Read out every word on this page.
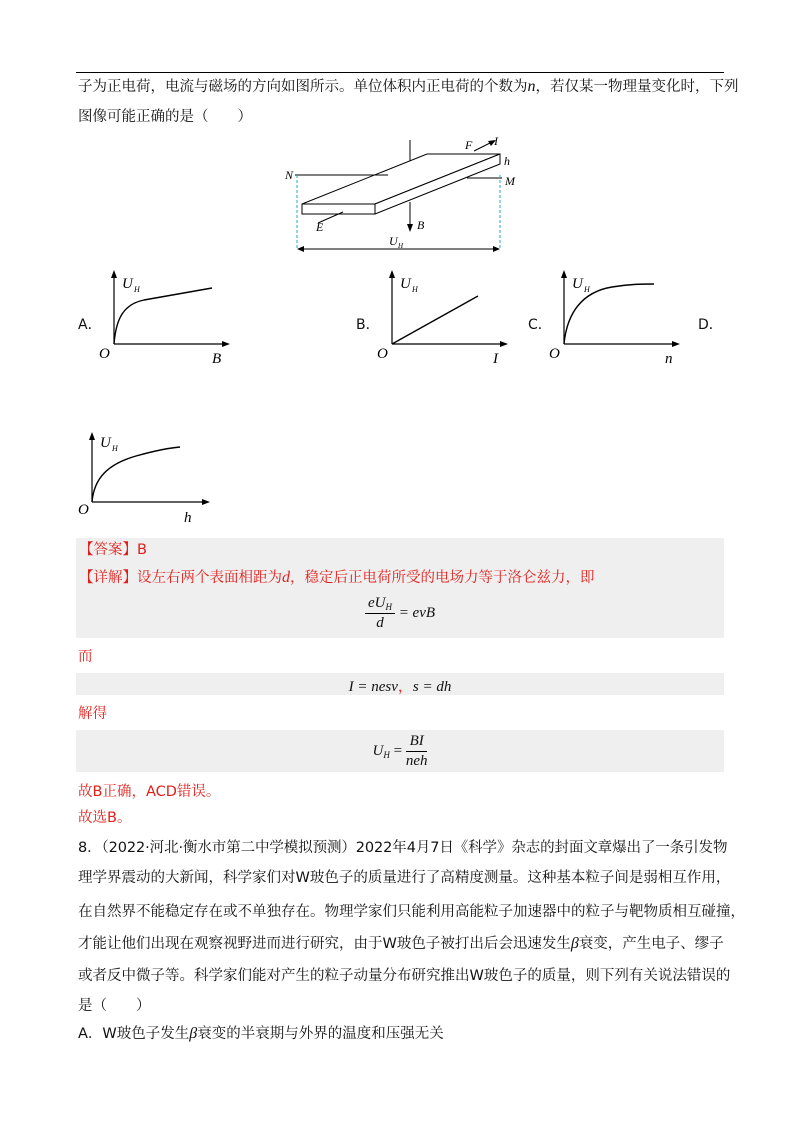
子为正电荷，电流与磁场的方向如图所示。单位体积内正电荷的个数为n，若仅某一物理量变化时，下列
图像可能正确的是（　　）
N
F I
h
M
E	B
U H
A．	B．	C．	D．
U H
O	B
U H
O	I
U H
O	n
U H
O	h
【答案】B
【详解】设左右两个表面相距为d，稳定后正电荷所受的电场力等于洛仑兹力，即
$\frac{eU_H}{d}$ = evB
而
I = nesv，s = dh
解得
$U_H = \frac{BI}{\text{neh}}$
故B正确，ACD错误。
故选B。
8．（2022·河北·衡水市第二中学模拟预测）2022年4月7日《科学》杂志的封面文章爆出了一条引发物
理学界震动的大新闻，科学家们对W玻色子的质量进行了高精度测量。这种基本粒子间是弱相互作用，
在自然界不能稳定存在或不单独存在。物理学家们只能利用高能粒子加速器中的粒子与靶物质相互碰撞，
才能让他们出现在观察视野进而进行研究，由于W玻色子被打出后会迅速发生β衰变，产生电子、缪子
或者反中微子等。科学家们能对产生的粒子动量分布研究推出W玻色子的质量，则下列有关说法错误的
是（　　）
A．W玻色子发生β衰变的半衰期与外界的温度和压强无关
